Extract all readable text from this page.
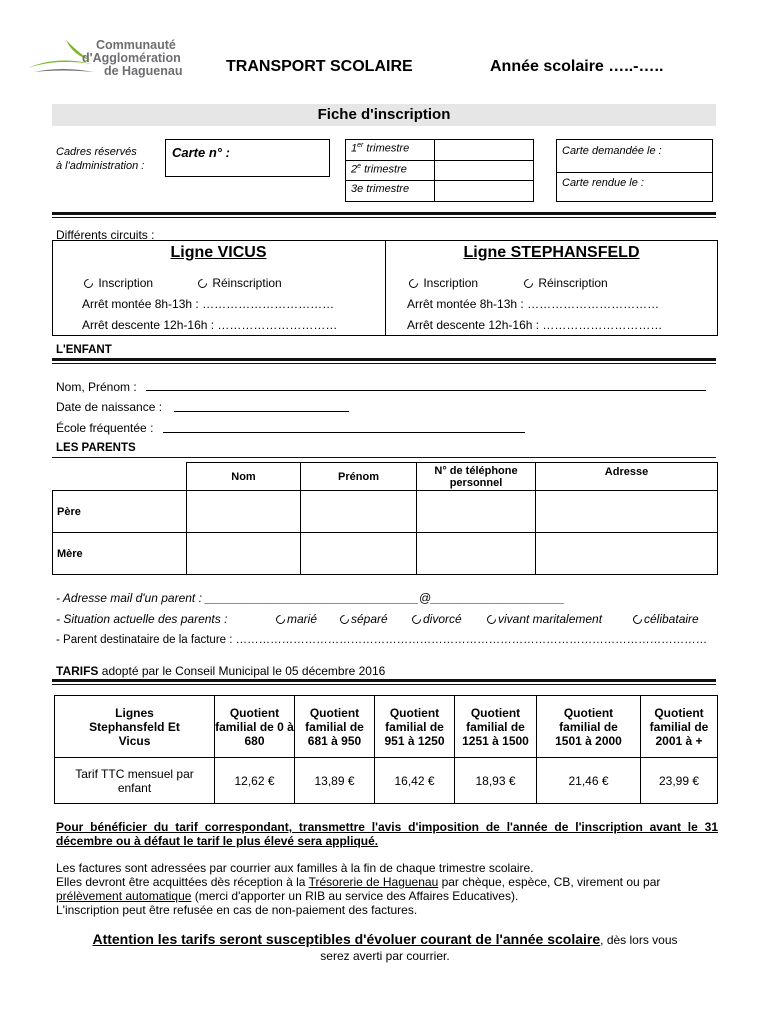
Communauté
d'Agglomération
de Haguenau	TRANSPORT SCOLAIRE	Année scolaire …..-…..
Fiche d'inscription
Cadres réservés
à l'administration :
Carte n° :	1er trimestre
2e trimestre
3e trimestre
Carte demandée le :
Carte rendue le :
Différents circuits :
Ligne VICUS
Inscription	Réinscription
Arrêt montée 8h-13h : ……………………………
Arrêt descente 12h-16h : …………………………
Ligne STEPHANSFELD
Inscription	Réinscription
Arrêt montée 8h-13h : ……………………………
Arrêt descente 12h-16h : …………………………
L'ENFANT
Nom, Prénom :
Date de naissance :
École fréquentée :
LES PARENTS
	Nom	Prénom	N° de téléphone personnel	Adresse
Père				
Mère				
- Adresse mail d'un parent : ________________________________@____________________
- Situation actuelle des parents :	marié	séparé	divorcé	vivant maritalement	célibataire
- Parent destinataire de la facture : ……………………………………………………………………………………………………………
TARIFS adopté par le Conseil Municipal le 05 décembre 2016
Lignes Stephansfeld Et Vicus	Quotient familial de 0 à 680	Quotient familial de 681 à 950	Quotient familial de 951 à 1250	Quotient familial de 1251 à 1500	Quotient familial de 1501 à 2000	Quotient familial de 2001 à +
Tarif TTC mensuel par enfant	12,62 €	13,89 €	16,42 €	18,93 €	21,46 €	23,99 €
Pour bénéficier du tarif correspondant, transmettre l'avis d'imposition de l'année de l'inscription avant le 31 décembre ou à défaut le tarif le plus élevé sera appliqué.
Les factures sont adressées par courrier aux familles à la fin de chaque trimestre scolaire.
Elles devront être acquittées dès réception à la Trésorerie de Haguenau par chèque, espèce, CB, virement ou par
prélèvement automatique (merci d'apporter un RIB au service des Affaires Educatives).
L'inscription peut être refusée en cas de non-paiement des factures.
Attention les tarifs seront susceptibles d'évoluer courant de l'année scolaire, dès lors vous
serez averti par courrier.
